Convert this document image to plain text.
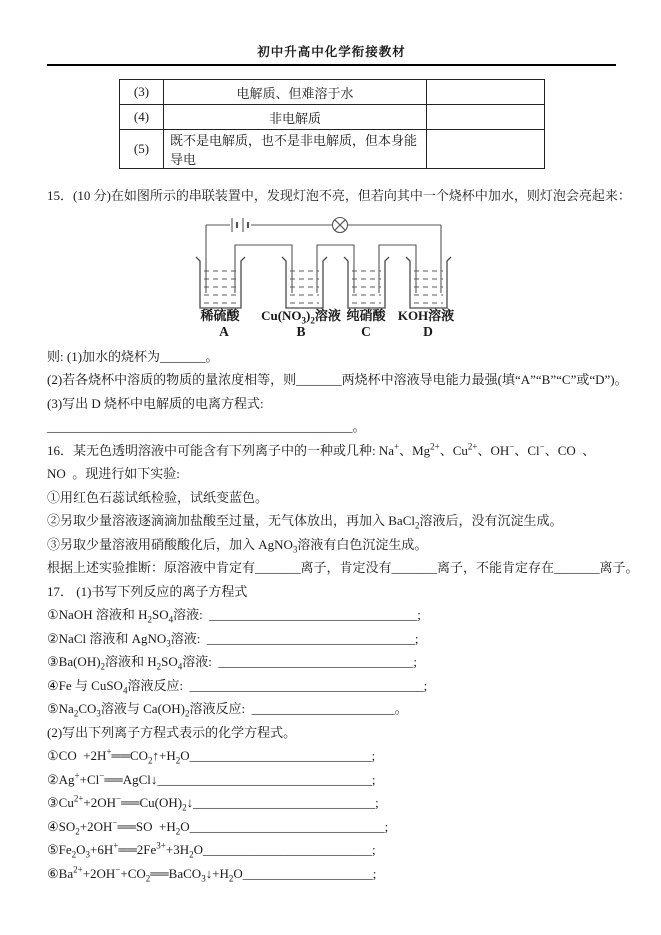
初中升高中化学衔接教材
(3)	电解质、但难溶于水	
(4)	非电解质	
(5)	既不是电解质，也不是非电解质，但本身能导电	
15．(10 分)在如图所示的串联装置中，发现灯泡不亮，但若向其中一个烧杯中加水，则灯泡会亮起来：
稀硫酸 $Cu(NO_3)_2$溶液 纯硝酸 KOH溶液
A	B	C	D
则: (1)加水的烧杯为_______。
(2)若各烧杯中溶质的物质的量浓度相等，则_______两烧杯中溶液导电能力最强(填“A”“B”“C”或“D”)。
(3)写出 D 烧杯中电解质的电离方程式:
_______________________________________________。
16．某无色透明溶液中可能含有下列离子中的一种或几种: Na+、$Mg^{2+}$、$Cu^{2+}$、OH−、Cl−、CO  、
NO  。现进行如下实验:
①用红色石蕊试纸检验，试纸变蓝色。
②另取少量溶液逐滴滴加盐酸至过量，无气体放出，再加入 BaCl$_2$溶液后，没有沉淀生成。
③另取少量溶液用硝酸酸化后，加入 AgNO$_3$溶液有白色沉淀生成。
根据上述实验推断：原溶液中肯定有_______离子，肯定没有_______离子，不能肯定存在_______离子。
17． (1)书写下列反应的离子方程式
①NaOH 溶液和 $H_2SO_4$溶液:  ________________________________;
②NaCl 溶液和 AgNO$_3$溶液:  ________________________________;
$③Ba(OH)_2$溶液和 $H_2SO_4$溶液:  ______________________________;
④Fe 与 CuSO$_4$溶液反应:  ____________________________________;
$⑤Na_2CO_3$溶液与 $Ca(OH)_2$溶液反应:  ______________________。
(2)写出下列离子方程式表示的化学方程式。
①CO  $+2H^+══CO_2↑+H_2O\_\_\_\_\_\_\_\_\_\_\_\_\_\_\_\_\_\_\_\_\_\_\_\_\_\_\_\_$;
②Ag++Cl−══AgCl↓_________________________________;
$③Cu^{2+}+2OH^-══Cu(OH)_2↓\_\_\_\_\_\_\_\_\_\_\_\_\_\_\_\_\_\_\_\_\_\_\_\_\_\_\_\_$;
$④SO_2+2OH^-══SO$  $+H_2O\_\_\_\_\_\_\_\_\_\_\_\_\_\_\_\_\_\_\_\_\_\_\_\_\_\_\_\_\_\_$;
$⑤Fe_2O_3+6H^+══2Fe^{3+}+3H_2O\_\_\_\_\_\_\_\_\_\_\_\_\_\_\_\_\_\_\_\_\_\_\_\_\_\_$;
$⑥Ba^{2+}+2OH^-+CO_2══BaCO_3↓+H_2O\_\_\_\_\_\_\_\_\_\_\_\_\_\_\_\_\_\_\_\_$;
